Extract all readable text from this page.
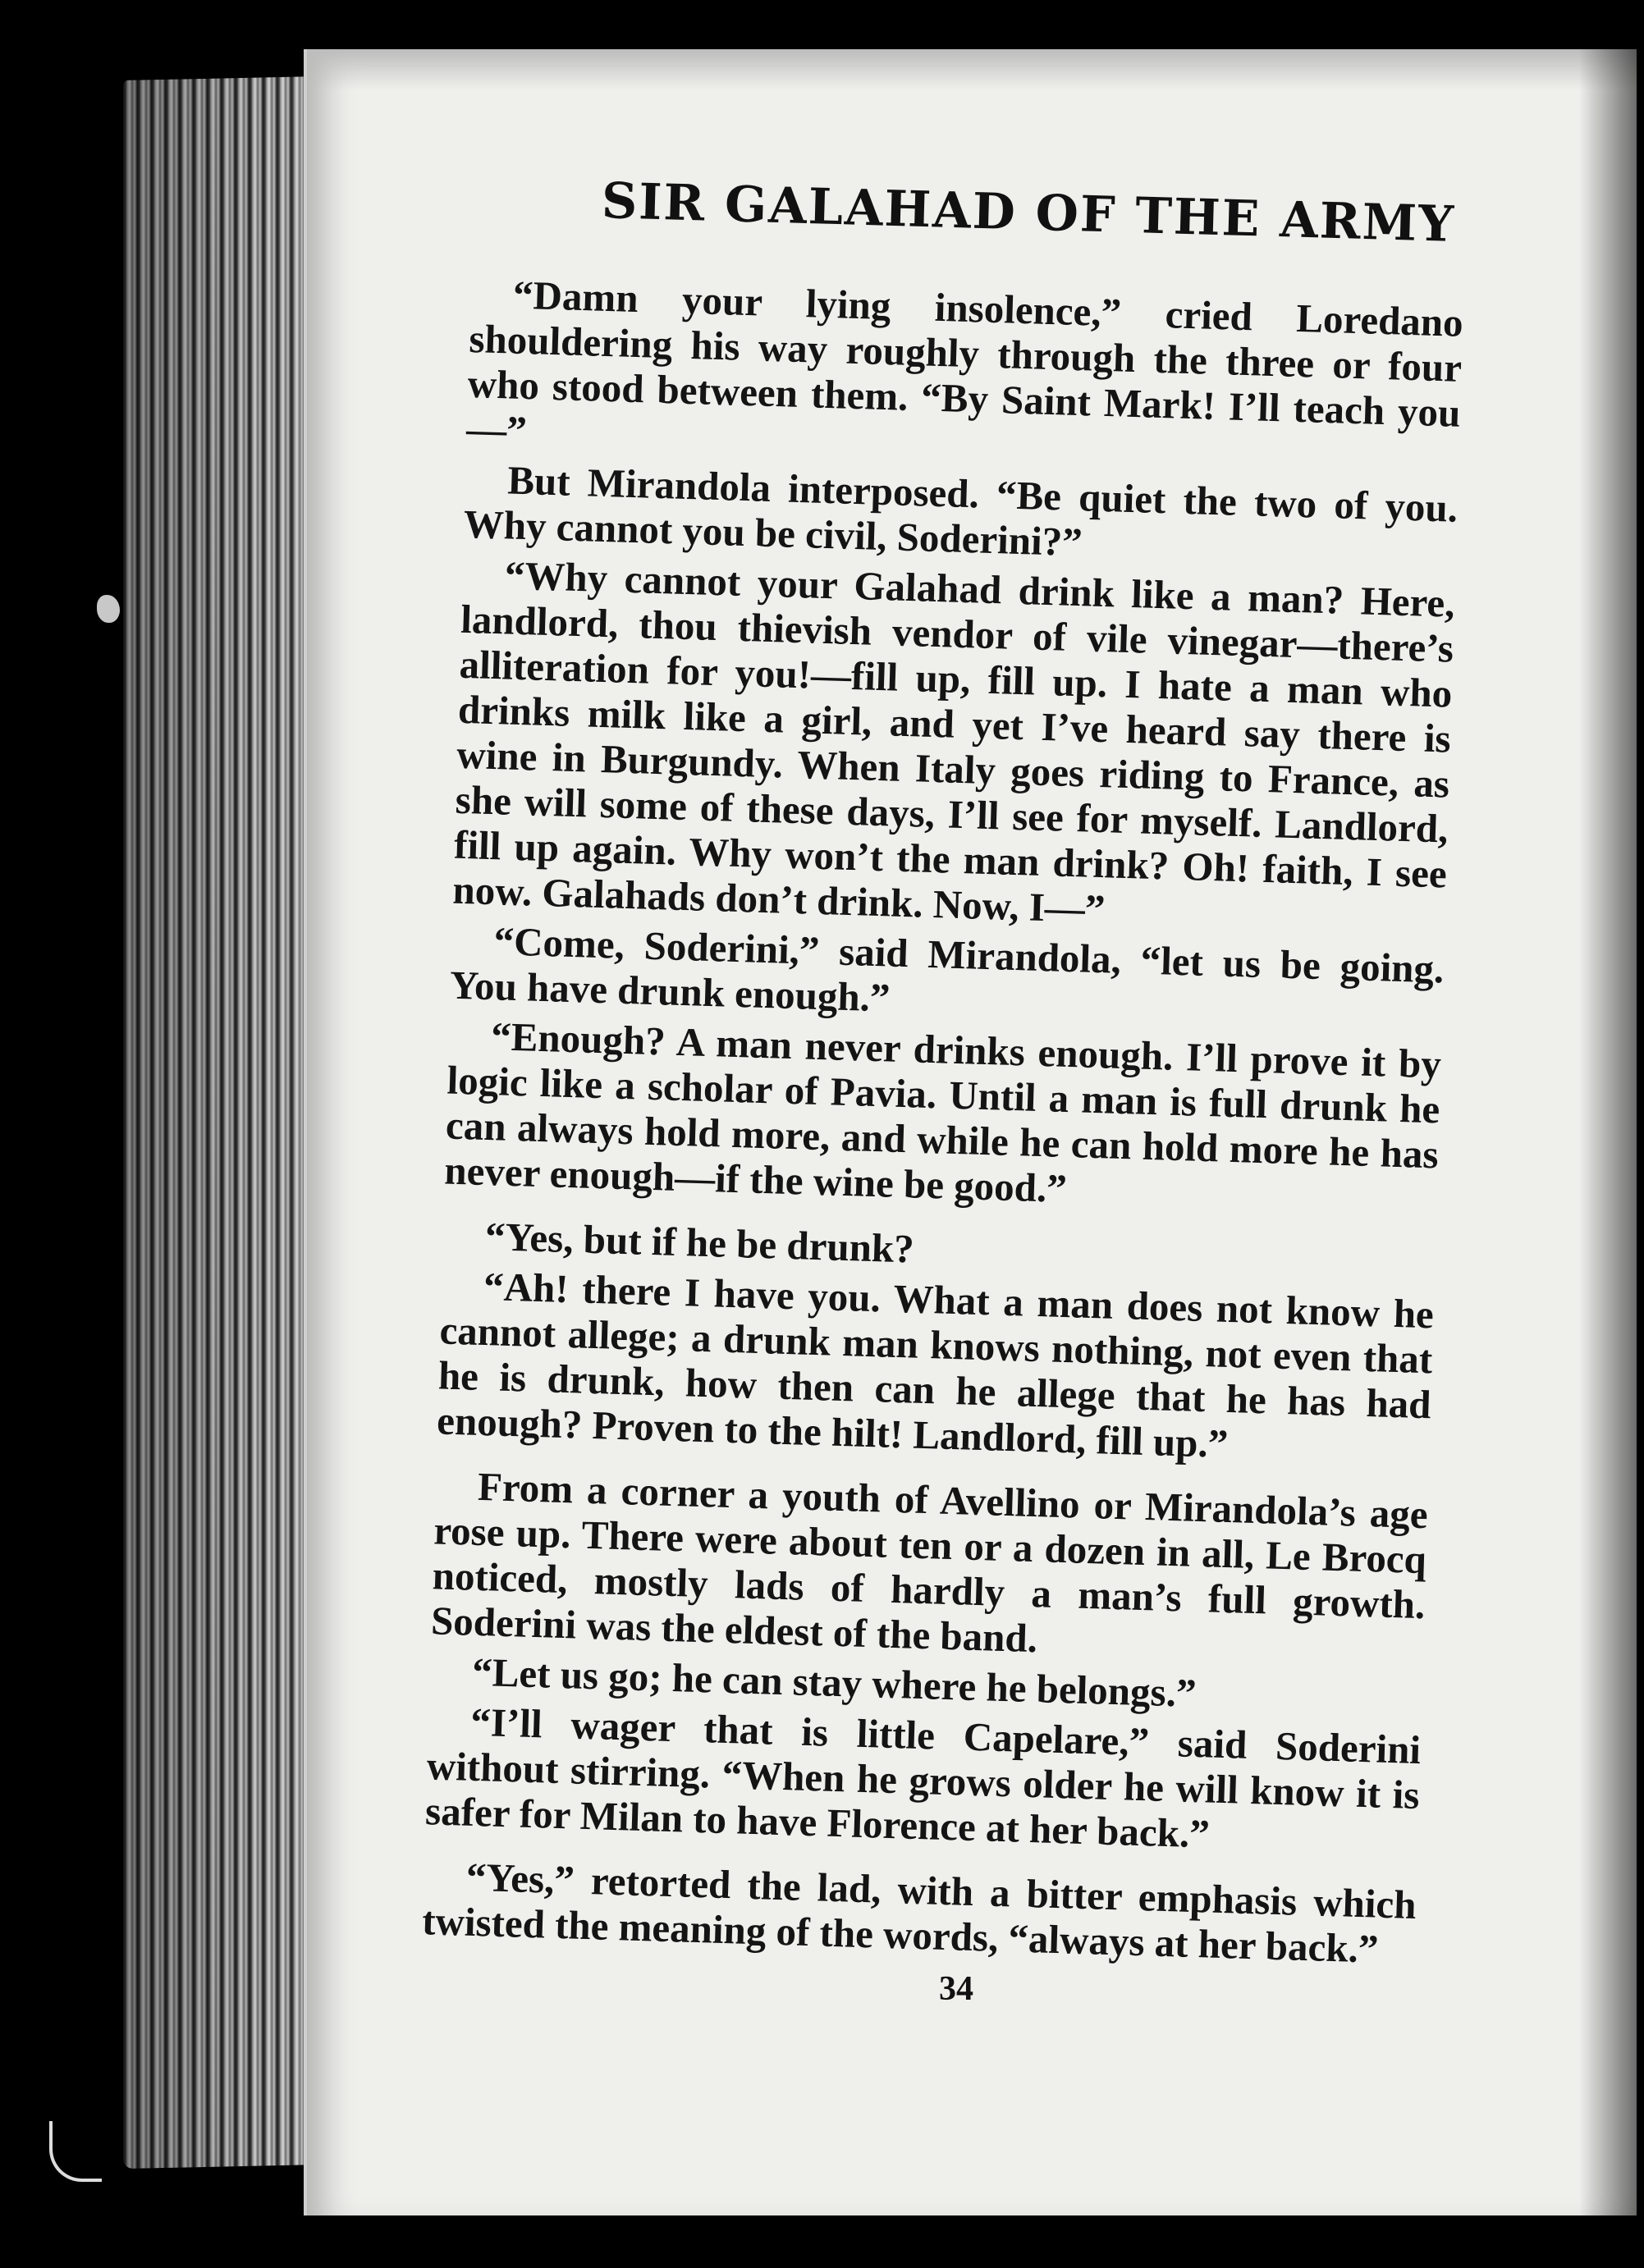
SIR GALAHAD OF THE ARMY

“Damn your lying insolence,” cried Loredano shouldering his way roughly through the three or four who stood between them. “By Saint Mark! I’ll teach you—”

But Mirandola interposed. “Be quiet the two of you. Why cannot you be civil, Soderini?”

“Why cannot your Galahad drink like a man? Here, landlord, thou thievish vendor of vile vinegar—there’s alliteration for you!—fill up, fill up. I hate a man who drinks milk like a girl, and yet I’ve heard say there is wine in Burgundy. When Italy goes riding to France, as she will some of these days, I’ll see for myself. Landlord, fill up again. Why won’t the man drink? Oh! faith, I see now. Galahads don’t drink. Now, I—”

“Come, Soderini,” said Mirandola, “let us be going. You have drunk enough.”

“Enough? A man never drinks enough. I’ll prove it by logic like a scholar of Pavia. Until a man is full drunk he can always hold more, and while he can hold more he has never enough—if the wine be good.”

“Yes, but if he be drunk?

“Ah! there I have you. What a man does not know he cannot allege; a drunk man knows nothing, not even that he is drunk, how then can he allege that he has had enough? Proven to the hilt! Landlord, fill up.”

From a corner a youth of Avellino or Mirandola’s age rose up. There were about ten or a dozen in all, Le Brocq noticed, mostly lads of hardly a man’s full growth. Soderini was the eldest of the band.

“Let us go; he can stay where he belongs.”

“I’ll wager that is little Capelare,” said Soderini without stirring. “When he grows older he will know it is safer for Milan to have Florence at her back.”

“Yes,” retorted the lad, with a bitter emphasis which twisted the meaning of the words, “always at her back.”

34
